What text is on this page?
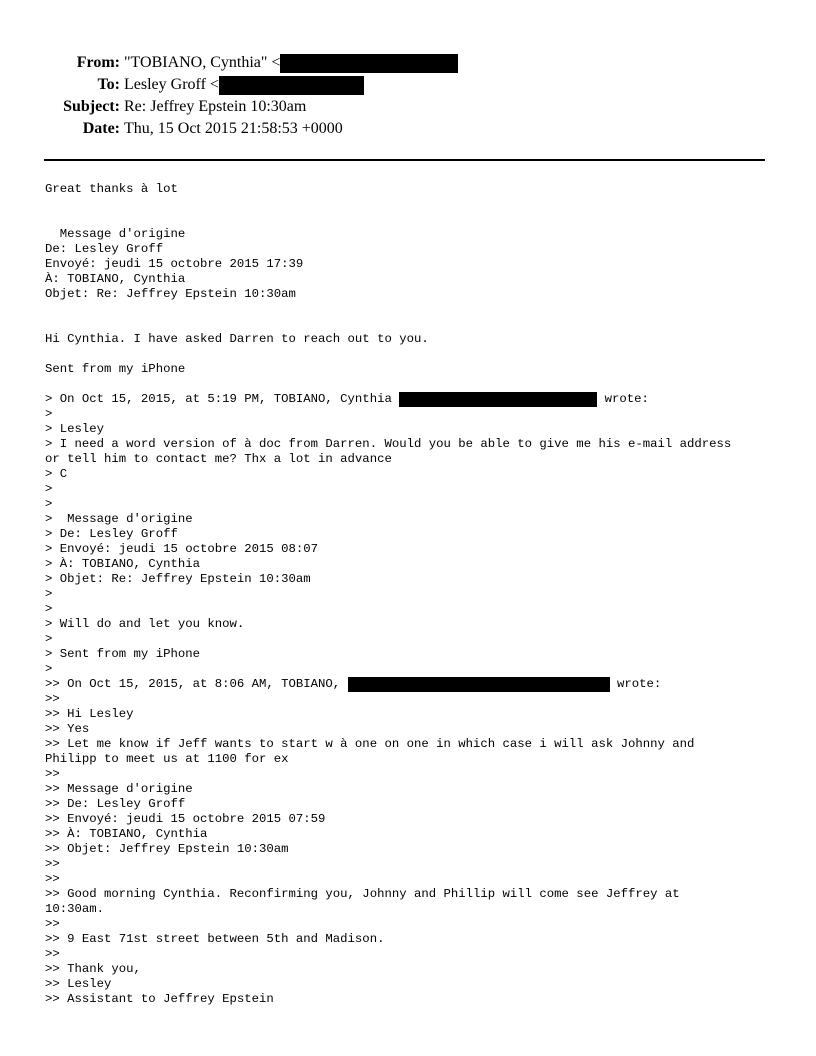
From: "TOBIANO, Cynthia" <
To: Lesley Groff <
Subject: Re: Jeffrey Epstein 10:30am
Date: Thu, 15 Oct 2015 21:58:53 +0000
Great thanks à lot
Message d'origine
De: Lesley Groff
Envoyé: jeudi 15 octobre 2015 17:39
À: TOBIANO, Cynthia
Objet: Re: Jeffrey Epstein 10:30am
Hi Cynthia. I have asked Darren to reach out to you.
Sent from my iPhone
> On Oct 15, 2015, at 5:19 PM, TOBIANO, Cynthia	wrote:
>
> Lesley
> I need a word version of à doc from Darren. Would you be able to give me his e-mail address
or tell him to contact me? Thx a lot in advance
> C
>
>
>  Message d'origine
> De: Lesley Groff
> Envoyé: jeudi 15 octobre 2015 08:07
> À: TOBIANO, Cynthia
> Objet: Re: Jeffrey Epstein 10:30am
>
>
> Will do and let you know.
>
> Sent from my iPhone
>
>> On Oct 15, 2015, at 8:06 AM, TOBIANO,	wrote:
>>
>> Hi Lesley
>> Yes
>> Let me know if Jeff wants to start w à one on one in which case i will ask Johnny and
Philipp to meet us at 1100 for ex
>>
>> Message d'origine
>> De: Lesley Groff
>> Envoyé: jeudi 15 octobre 2015 07:59
>> À: TOBIANO, Cynthia
>> Objet: Jeffrey Epstein 10:30am
>>
>>
>> Good morning Cynthia. Reconfirming you, Johnny and Phillip will come see Jeffrey at
10:30am.
>>
>> 9 East 71st street between 5th and Madison.
>>
>> Thank you,
>> Lesley
>> Assistant to Jeffrey Epstein
